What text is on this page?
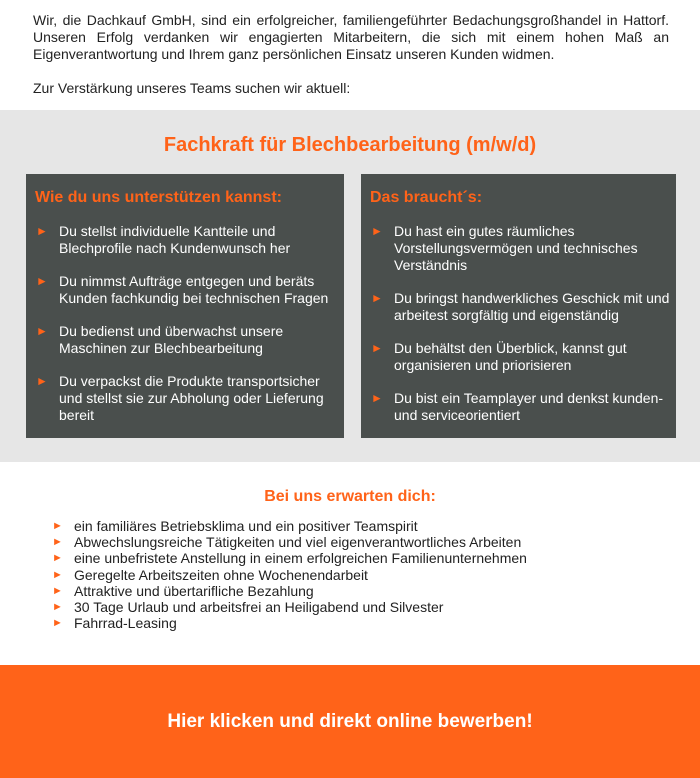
Wir, die Dachkauf GmbH, sind ein erfolgreicher, familiengeführter Bedachungsgroßhandel in Hattorf. Unseren Erfolg verdanken wir engagierten Mitarbeitern, die sich mit einem hohen Maß an Eigenverantwortung und Ihrem ganz persönlichen Einsatz unseren Kunden widmen.

Zur Verstärkung unseres Teams suchen wir aktuell:

Fachkraft für Blechbearbeitung (m/w/d)
Wie du uns unterstützen kannst:
► Du stellst individuelle Kantteile und Blechprofile nach Kundenwunsch her
► Du nimmst Aufträge entgegen und beräts Kunden fachkundig bei technischen Fragen
► Du bedienst und überwachst unsere Maschinen zur Blechbearbeitung
► Du verpackst die Produkte transportsicher und stellst sie zur Abholung oder Lieferung bereit
Das braucht´s:
► Du hast ein gutes räumliches Vorstellungsvermögen und technisches Verständnis
► Du bringst handwerkliches Geschick mit und arbeitest sorgfältig und eigenständig
► Du behältst den Überblick, kannst gut organisieren und priorisieren
► Du bist ein Teamplayer und denkst kunden- und serviceorientiert
Bei uns erwarten dich:
► ein familiäres Betriebsklima und ein positiver Teamspirit
► Abwechslungsreiche Tätigkeiten und viel eigenverantwortliches Arbeiten
► eine unbefristete Anstellung in einem erfolgreichen Familienunternehmen
► Geregelte Arbeitszeiten ohne Wochenendarbeit
► Attraktive und übertarifliche Bezahlung
► 30 Tage Urlaub und arbeitsfrei an Heiligabend und Silvester
► Fahrrad-Leasing
Hier klicken und direkt online bewerben!
